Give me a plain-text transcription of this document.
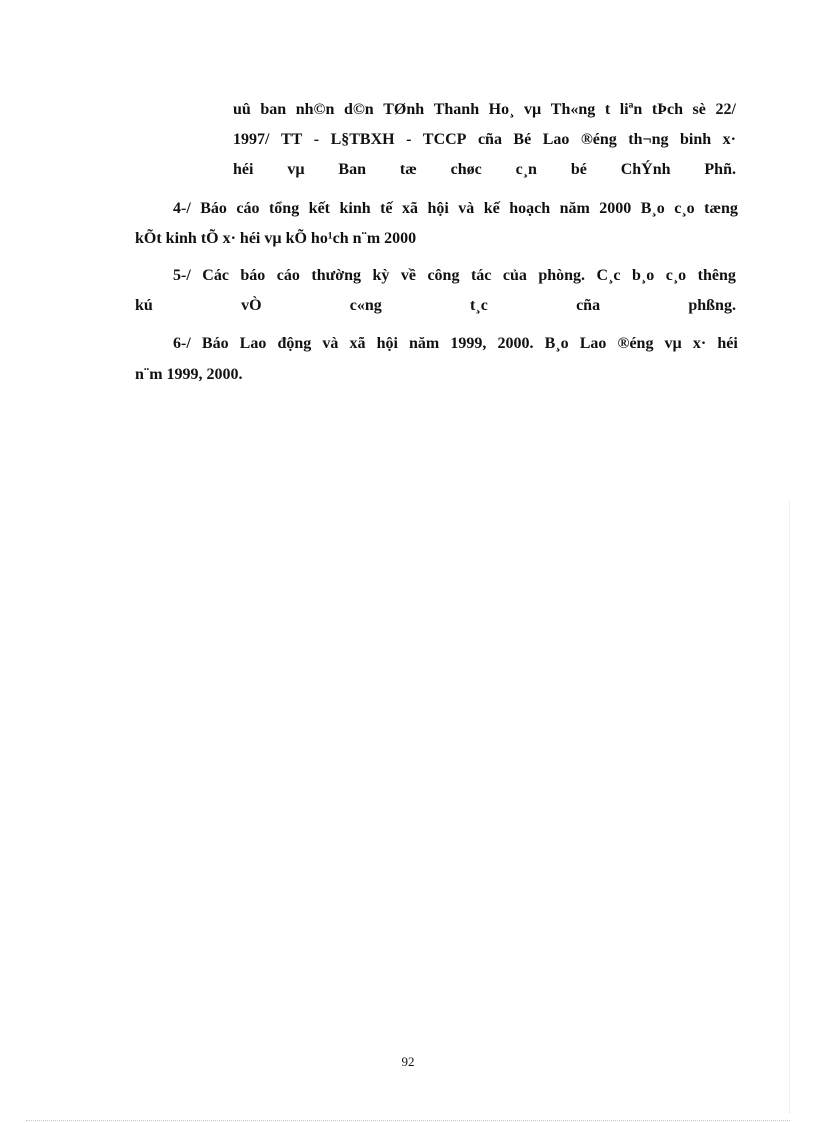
uû ban nh©n d©n TØnh Thanh Ho¸ vµ Th«ng t liªn tÞch sè 22/
1997/ TT - L§TBXH - TCCP cña Bé Lao ®éng th¬ng binh x·
héi vµ Ban tæ chøc c¸n bé ChÝnh Phñ.
4-/ Báo cáo tổng kết kinh tế xã hội và kế hoạch năm 2000 B¸o c¸o tæng
kÕt kinh tÕ x· héi vµ kÕ ho¹ch n¨m 2000
5-/ Các báo cáo thường kỳ về công tác của phòng. C¸c b¸o c¸o thêng
kú	vÒ	c«ng	t¸c	cña	phßng.
6-/ Báo Lao động và xã hội năm 1999, 2000. B¸o Lao ®éng vµ x· héi
n¨m 1999, 2000.
92
